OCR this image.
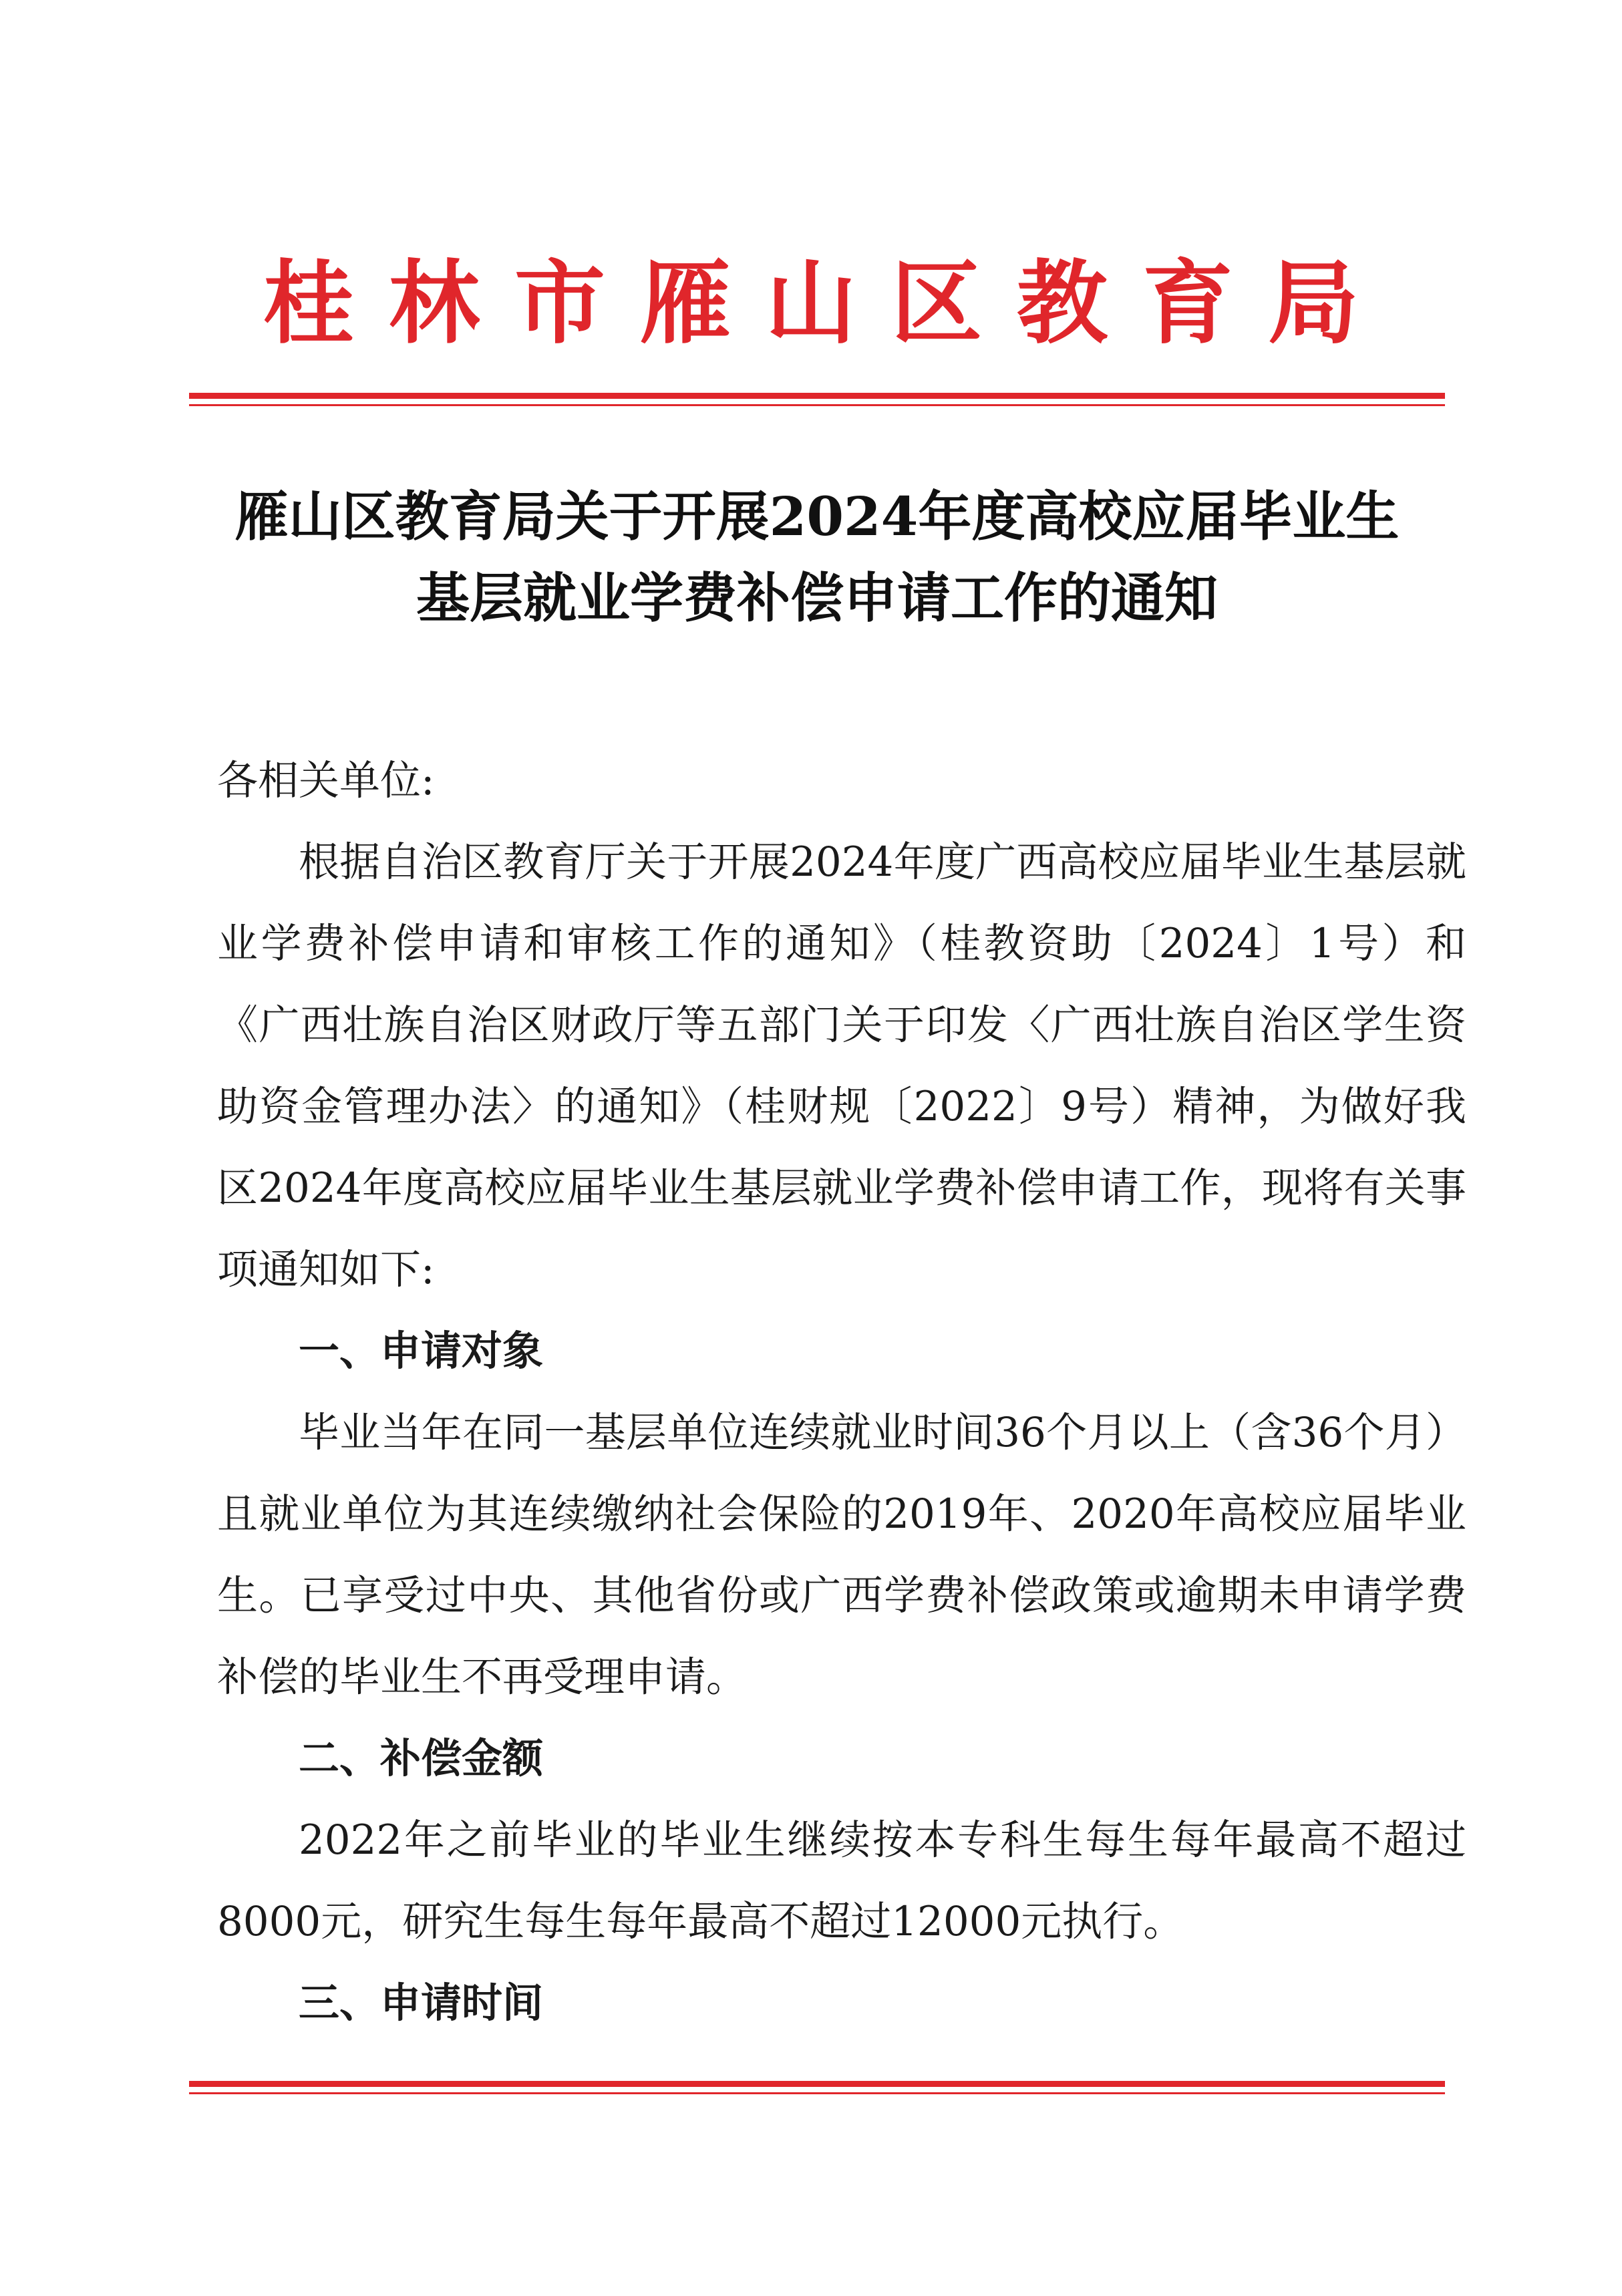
桂林市雁山区教育局
雁山区教育局关于开展2024年度高校应届毕业生
基层就业学费补偿申请工作的通知

各相关单位:

根据自治区教育厅关于开展2024年度广西高校应届毕业生基层就业学费补偿申请和审核工作的通知》（桂教资助〔2024〕1号）和《广西壮族自治区财政厅等五部门关于印发〈广西壮族自治区学生资助资金管理办法〉的通知》（桂财规〔2022〕9号）精神，为做好我区2024年度高校应届毕业生基层就业学费补偿申请工作，现将有关事项通知如下:

一、申请对象

毕业当年在同一基层单位连续就业时间36个月以上（含36个月）且就业单位为其连续缴纳社会保险的2019年、2020年高校应届毕业生。已享受过中央、其他省份或广西学费补偿政策或逾期未申请学费补偿的毕业生不再受理申请。

二、补偿金额

2022年之前毕业的毕业生继续按本专科生每生每年最高不超过8000元，研究生每生每年最高不超过12000元执行。

三、申请时间
